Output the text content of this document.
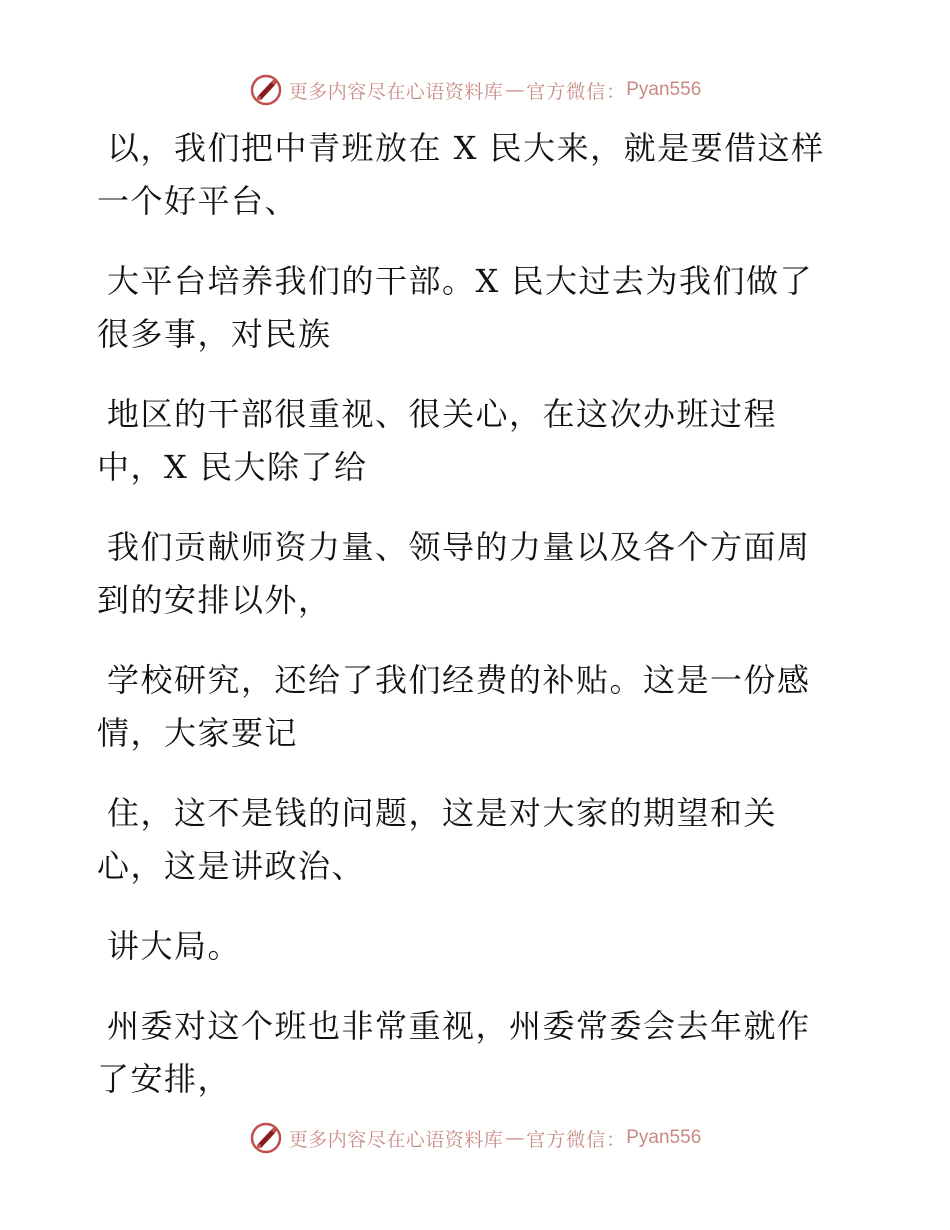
更多内容尽在心语资料库 — 官方微信： Pyan556

以，我们把中青班放在 X 民大来，就是要借这样
一个好平台、

大平台培养我们的干部。X 民大过去为我们做了
很多事，对民族

地区的干部很重视、很关心，在这次办班过程
中，X 民大除了给

我们贡献师资力量、领导的力量以及各个方面周
到的安排以外，

学校研究，还给了我们经费的补贴。这是一份感
情，大家要记

住，这不是钱的问题，这是对大家的期望和关
心，这是讲政治、

讲大局。

州委对这个班也非常重视，州委常委会去年就作
了安排，

更多内容尽在心语资料库 — 官方微信： Pyan556
